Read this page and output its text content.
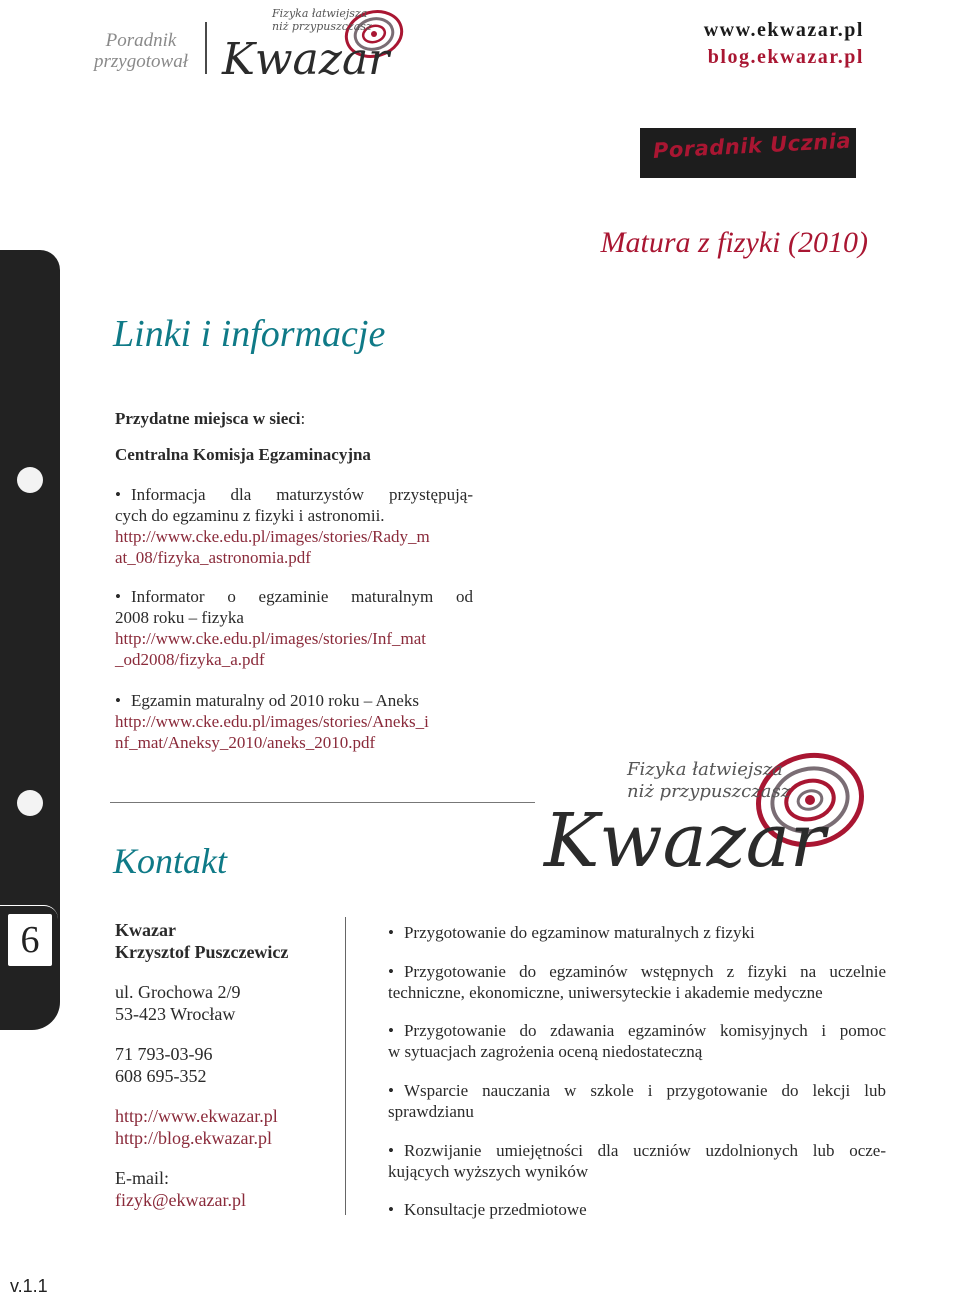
Poradnik przygotował
Fizyka łatwiejsza
niż przypuszczasz
Kwazar
www.ekwazar.pl
blog.ekwazar.pl
Poradnik Ucznia
Matura z fizyki (2010)
6
Linki i informacje
Przydatne miejsca w sieci:
Centralna Komisja Egzaminacyjna
• Informacja dla maturzystów przystępują-
cych do egzaminu z fizyki i astronomii.
http://www.cke.edu.pl/images/stories/Rady_m
at_08/fizyka_astronomia.pdf
• Informator o egzaminie maturalnym od
2008 roku – fizyka
http://www.cke.edu.pl/images/stories/Inf_mat
_od2008/fizyka_a.pdf
• Egzamin maturalny od 2010 roku – Aneks
http://www.cke.edu.pl/images/stories/Aneks_i
nf_mat/Aneksy_2010/aneks_2010.pdf
Fizyka łatwiejsza
niż przypuszczasz
Kwazar
Kontakt
Kwazar
Krzysztof Puszczewicz
ul. Grochowa 2/9
53-423 Wrocław
71 793-03-96
608 695-352
http://www.ekwazar.pl
http://blog.ekwazar.pl
E-mail:
fizyk@ekwazar.pl
• Przygotowanie do egzaminow maturalnych z fizyki
• Przygotowanie do egzaminów wstępnych z fizyki na uczelnie
techniczne, ekonomiczne, uniwersyteckie i akademie medyczne
• Przygotowanie do zdawania egzaminów komisyjnych i pomoc
w sytuacjach zagrożenia oceną niedostateczną
• Wsparcie nauczania w szkole i przygotowanie do lekcji lub
sprawdzianu
• Rozwijanie umiejętności dla uczniów uzdolnionych lub ocze-
kujących wyższych wyników
• Konsultacje przedmiotowe
v.1.1
